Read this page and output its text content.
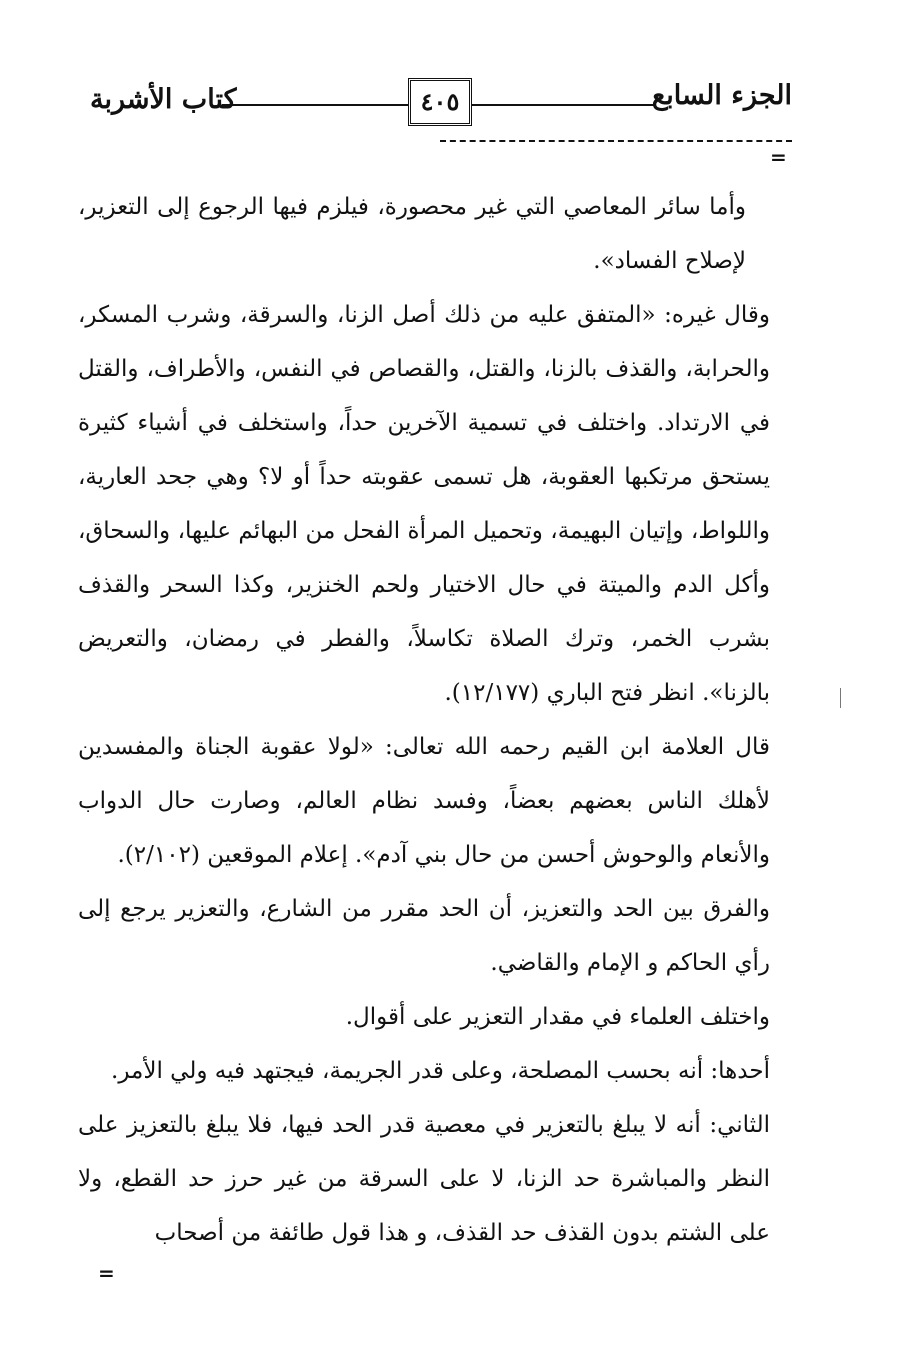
كتاب الأشربة	٤٠٥	الجزء السابع
=

وأما سائر المعاصي التي غير محصورة، فيلزم فيها الرجوع إلى التعزير، لإصلاح الفساد».

وقال غيره: «المتفق عليه من ذلك أصل الزنا، والسرقة، وشرب المسكر، والحرابة، والقذف بالزنا، والقتل، والقصاص في النفس، والأطراف، والقتل في الارتداد. واختلف في تسمية الآخرين حداً، واستخلف في أشياء كثيرة يستحق مرتكبها العقوبة، هل تسمى عقوبته حداً أو لا؟ وهي جحد العارية، واللواط، وإتيان البهيمة، وتحميل المرأة الفحل من البهائم عليها، والسحاق، وأكل الدم والميتة في حال الاختيار ولحم الخنزير، وكذا السحر والقذف بشرب الخمر، وترك الصلاة تكاسلاً، والفطر في رمضان، والتعريض بالزنا». انظر فتح الباري (١٢/١٧٧).

قال العلامة ابن القيم رحمه الله تعالى: «لولا عقوبة الجناة والمفسدين لأهلك الناس بعضهم بعضاً، وفسد نظام العالم، وصارت حال الدواب والأنعام والوحوش أحسن من حال بني آدم». إعلام الموقعين (٢/١٠٢).

والفرق بين الحد والتعزيز، أن الحد مقرر من الشارع، والتعزير يرجع إلى رأي الحاكم و الإمام والقاضي.

واختلف العلماء في مقدار التعزير على أقوال.

أحدها: أنه بحسب المصلحة، وعلى قدر الجريمة، فيجتهد فيه ولي الأمر.

الثاني: أنه لا يبلغ بالتعزير في معصية قدر الحد فيها، فلا يبلغ بالتعزيز على النظر والمباشرة حد الزنا، لا على السرقة من غير حرز حد القطع، ولا على الشتم بدون القذف حد القذف، و هذا قول طائفة من أصحاب

=
